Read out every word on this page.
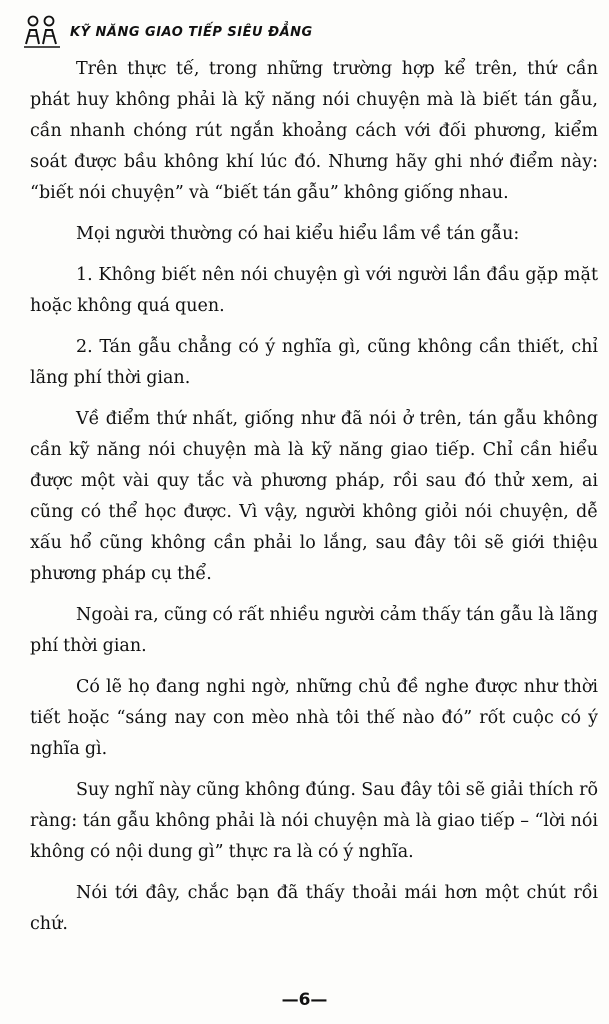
KỸ NĂNG GIAO TIẾP SIÊU ĐẲNG

Trên thực tế, trong những trường hợp kể trên, thứ cần phát huy không phải là kỹ năng nói chuyện mà là biết tán gẫu, cần nhanh chóng rút ngắn khoảng cách với đối phương, kiểm soát được bầu không khí lúc đó. Nhưng hãy ghi nhớ điểm này: “biết nói chuyện” và “biết tán gẫu” không giống nhau.

Mọi người thường có hai kiểu hiểu lầm về tán gẫu:

1. Không biết nên nói chuyện gì với người lần đầu gặp mặt hoặc không quá quen.

2. Tán gẫu chẳng có ý nghĩa gì, cũng không cần thiết, chỉ lãng phí thời gian.

Về điểm thứ nhất, giống như đã nói ở trên, tán gẫu không cần kỹ năng nói chuyện mà là kỹ năng giao tiếp. Chỉ cần hiểu được một vài quy tắc và phương pháp, rồi sau đó thử xem, ai cũng có thể học được. Vì vậy, người không giỏi nói chuyện, dễ xấu hổ cũng không cần phải lo lắng, sau đây tôi sẽ giới thiệu phương pháp cụ thể.

Ngoài ra, cũng có rất nhiều người cảm thấy tán gẫu là lãng phí thời gian.

Có lẽ họ đang nghi ngờ, những chủ đề nghe được như thời tiết hoặc “sáng nay con mèo nhà tôi thế nào đó” rốt cuộc có ý nghĩa gì.

Suy nghĩ này cũng không đúng. Sau đây tôi sẽ giải thích rõ ràng: tán gẫu không phải là nói chuyện mà là giao tiếp – “lời nói không có nội dung gì” thực ra là có ý nghĩa.

Nói tới đây, chắc bạn đã thấy thoải mái hơn một chút rồi chứ.

—6—
